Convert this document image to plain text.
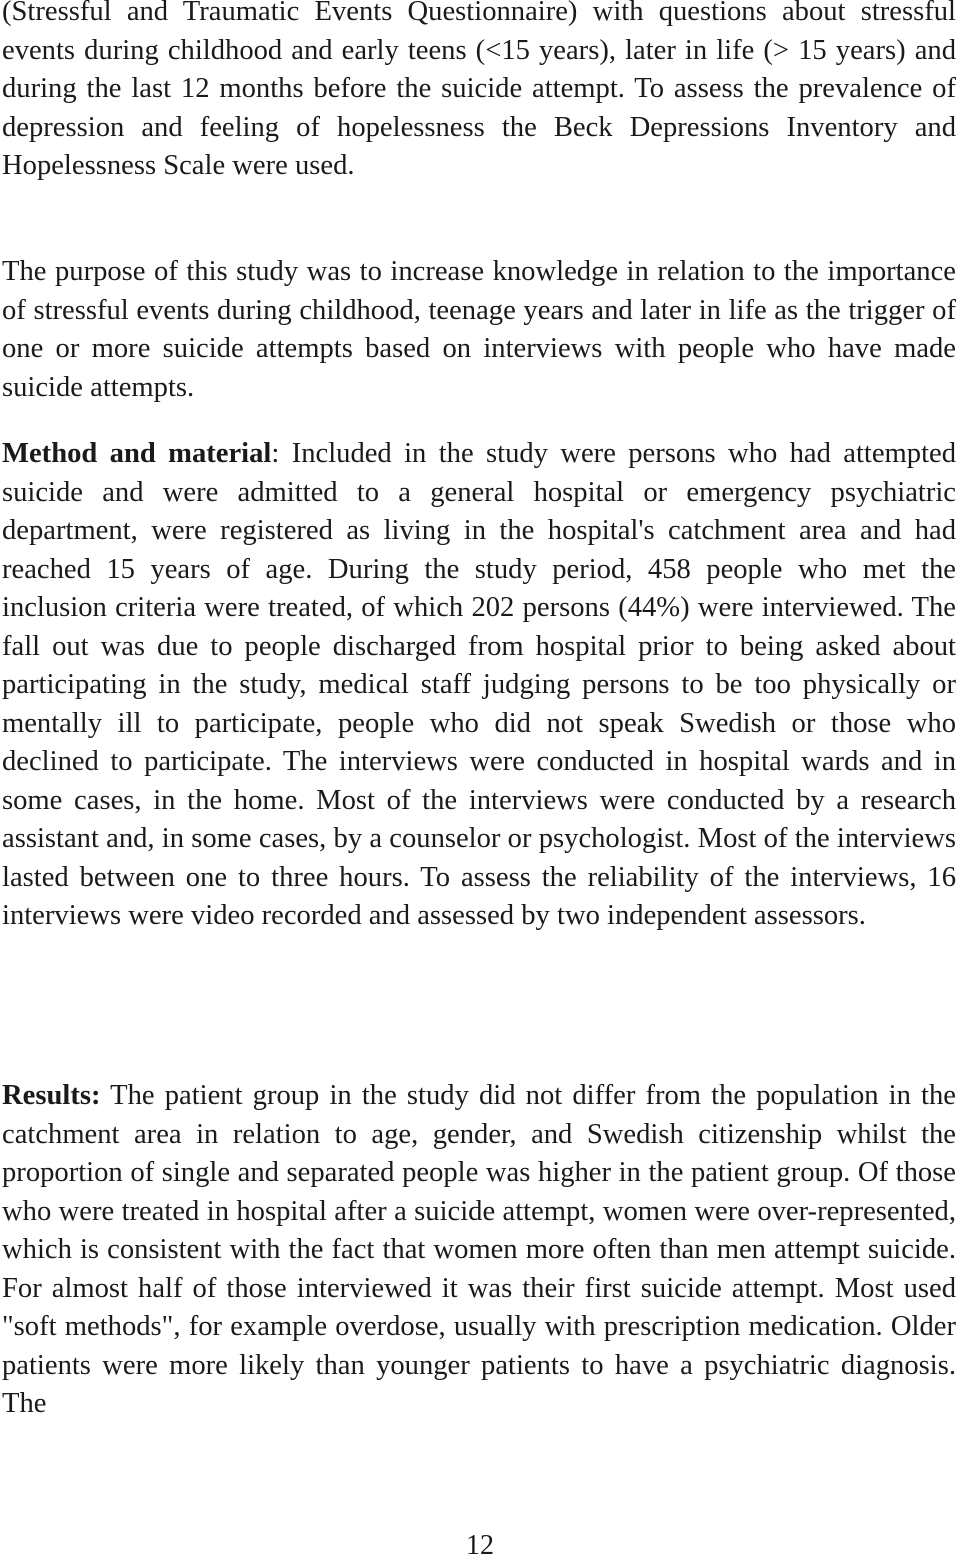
(Stressful and Traumatic Events Questionnaire) with questions about stressful events during childhood and early teens (<15 years), later in life (> 15 years) and during the last 12 months before the suicide attempt. To assess the prevalence of depression and feeling of hopelessness the Beck Depressions Inventory and Hopelessness Scale were used.

The purpose of this study was to increase knowledge in relation to the importance of stressful events during childhood, teenage years and later in life as the trigger of one or more suicide attempts based on interviews with people who have made suicide attempts.

Method and material: Included in the study were persons who had attempted suicide and were admitted to a general hospital or emergency psychiatric department, were registered as living in the hospital's catchment area and had reached 15 years of age. During the study period, 458 people who met the inclusion criteria were treated, of which 202 persons (44%) were interviewed. The fall out was due to people discharged from hospital prior to being asked about participating in the study, medical staff judging persons to be too physically or mentally ill to participate, people who did not speak Swedish or those who declined to participate. The interviews were conducted in hospital wards and in some cases, in the home. Most of the interviews were conducted by a research assistant and, in some cases, by a counselor or psychologist. Most of the interviews lasted between one to three hours. To assess the reliability of the interviews, 16 interviews were video recorded and assessed by two independent assessors.

Results: The patient group in the study did not differ from the population in the catchment area in relation to age, gender, and Swedish citizenship whilst the proportion of single and separated people was higher in the patient group. Of those who were treated in hospital after a suicide attempt, women were over-represented, which is consistent with the fact that women more often than men attempt suicide. For almost half of those interviewed it was their first suicide attempt. Most used "soft methods", for example overdose, usually with prescription medication. Older patients were more likely than younger patients to have a psychiatric diagnosis. The

12
